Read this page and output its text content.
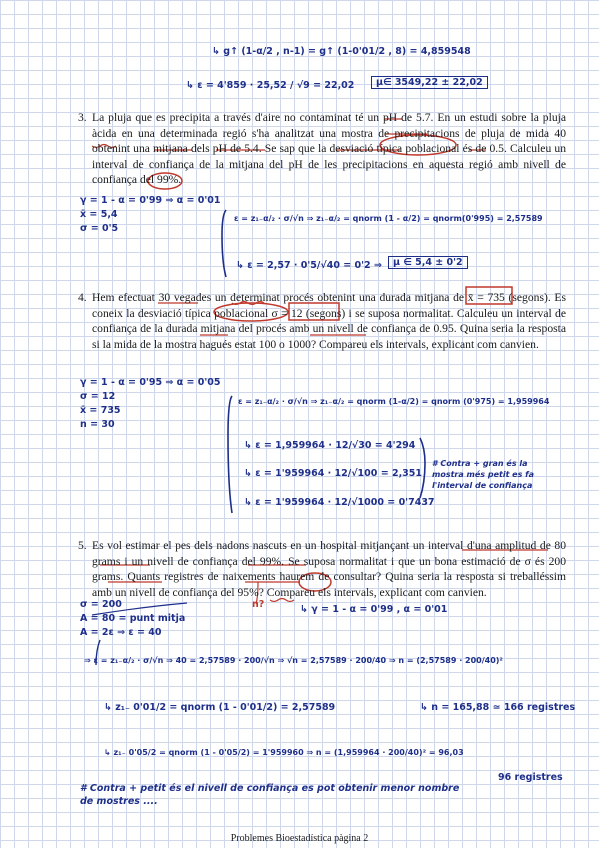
↳ g↑ (1-α/2 , n-1) = g↑ (1-0'01/2 , 8) = 4,859548
↳ ε = 4'859 · 25,52 / √9 = 22,02	μ∈ 3549,22 ± 22,02
3. La pluja que es precipita a través d'aire no contaminat té un pH de 5.7. En un estudi sobre la pluja àcida en una determinada regió s'ha analitzat una mostra de precipitacions de pluja de mida 40 obtenint una mitjana dels pH de 5.4. Se sap que la desviació típica poblacional és de 0.5. Calculeu un interval de confiança de la mitjana del pH de les precipitacions en aquesta regió amb nivell de confiança del 99%.
γ = 1 - α = 0'99 ⇒ α = 0'01
x̄ = 5,4
σ = 0'5
ε = z₁₋α/₂ · σ/√n ⇒ z₁₋α/₂ = qnorm (1 - α/2) = qnorm(0'995) = 2,57589
↳ ε = 2,57 · 0'5/√40 = 0'2 ⇒	μ ∈ 5,4 ± 0'2
4. Hem efectuat 30 vegades un determinat procés obtenint una durada mitjana de x̄ = 735 (segons). Es coneix la desviació típica poblacional σ = 12 (segons) i se suposa normalitat. Calculeu un interval de confiança de la durada mitjana del procés amb un nivell de confiança de 0.95. Quina seria la resposta si la mida de la mostra hagués estat 100 o 1000? Compareu els intervals, explicant com canvien.
γ = 1 - α = 0'95 ⇒ α = 0'05
σ = 12
x̄ = 735
n = 30
ε = z₁₋α/₂ · σ/√n ⇒ z₁₋α/₂ = qnorm (1-α/2) = qnorm (0'975) = 1,959964
↳ ε = 1,959964 · 12/√30 = 4'294
↳ ε = 1'959964 · 12/√100 = 2,351
↳ ε = 1'959964 · 12/√1000 = 0'7437
# Contra + gran és la mostra més petit es fa l'interval de confiança
5. Es vol estimar el pes dels nadons nascuts en un hospital mitjançant un interval d'una amplitud de 80 grams i un nivell de confiança del 99%. Se suposa normalitat i que un bona estimació de σ és 200 grams. Quants registres de naixements haurem de consultar? Quina seria la resposta si treballéssim amb un nivell de confiança del 95%? Compareu els intervals, explicant com canvien.
σ = 200
A = 80 = punt mitja
A = 2ε ⇒ ε = 40
n?	↳ γ = 1 - α = 0'99 , α = 0'01
⇒ ε = z₁₋α/₂ · σ/√n ⇒ 40 = 2,57589 · 200/√n ⇒ √n = 2,57589 · 200/40 ⇒ n = (2,57589 · 200/40)²
↳ z₁₋ 0'01/2 = qnorm (1 - 0'01/2) = 2,57589	↳ n = 165,88 ≃ 166 registres
↳ z₁₋ 0'05/2 = qnorm (1 - 0'05/2) = 1'959960 ⇒ n = (1,959964 · 200/40)² = 96,03
96 registres
# Contra + petit és el nivell de confiança es pot obtenir menor nombre de mostres ....
Problemes Bioestadística pàgina 2
